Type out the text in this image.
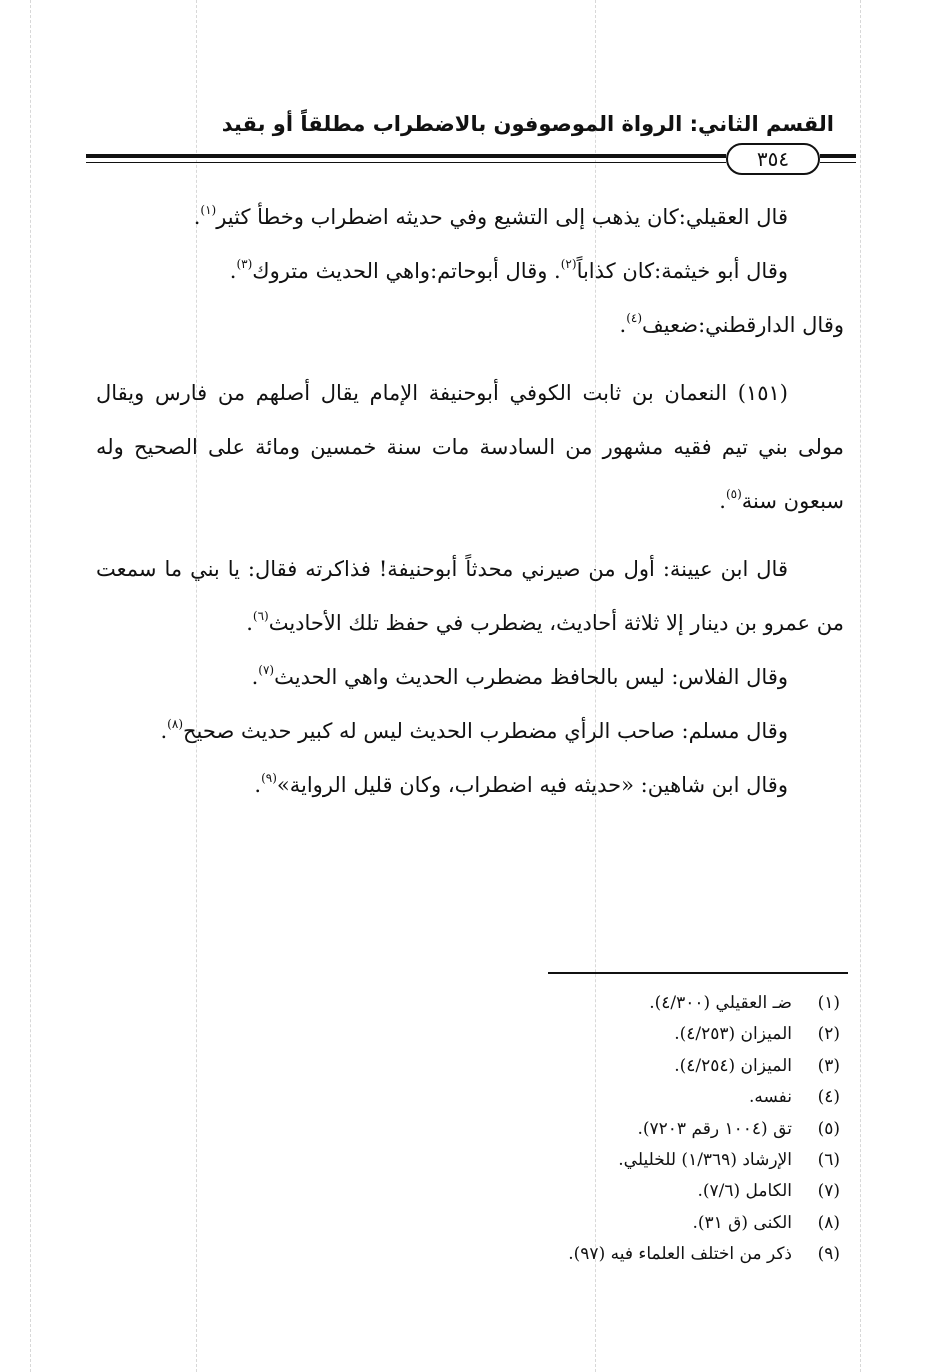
القسم الثاني: الرواة الموصوفون بالاضطراب مطلقاً أو بقيد
٣٥٤

قال العقيلي:كان يذهب إلى التشيع وفي حديثه اضطراب وخطأ كثير$^{(١)}$.

وقال أبو خيثمة:كان كذاباً$^{(٢)}$. وقال أبوحاتم:واهي الحديث متروك$^{(٣)}$.

وقال الدارقطني:ضعيف$^{(٤)}$.

(١٥١) النعمان بن ثابت الكوفي أبوحنيفة الإمام يقال أصلهم من فارس ويقال مولى بني تيم فقيه مشهور من السادسة مات سنة خمسين ومائة على الصحيح وله سبعون سنة$^{(٥)}$.

قال ابن عيينة: أول من صيرني محدثاً أبوحنيفة! فذاكرته فقال: يا بني ما سمعت من عمرو بن دينار إلا ثلاثة أحاديث، يضطرب في حفظ تلك الأحاديث$^{(٦)}$.

وقال الفلاس: ليس بالحافظ مضطرب الحديث واهي الحديث$^{(٧)}$.

وقال مسلم: صاحب الرأي مضطرب الحديث ليس له كبير حديث صحيح$^{(٨)}$.

وقال ابن شاهين: «حديثه فيه اضطراب، وكان قليل الرواية»$^{(٩)}$.

(١)ضـ العقيلي (٤/٣٠٠).
(٢)الميزان (٤/٢٥٣).
(٣)الميزان (٤/٢٥٤).
(٤)نفسه.
(٥)تق (١٠٠٤ رقم ٧٢٠٣).
(٦)الإرشاد (١/٣٦٩) للخليلي.
(٧)الكامل (٧/٦).
(٨)الكنى (ق ٣١).
(٩)ذكر من اختلف العلماء فيه (٩٧).
